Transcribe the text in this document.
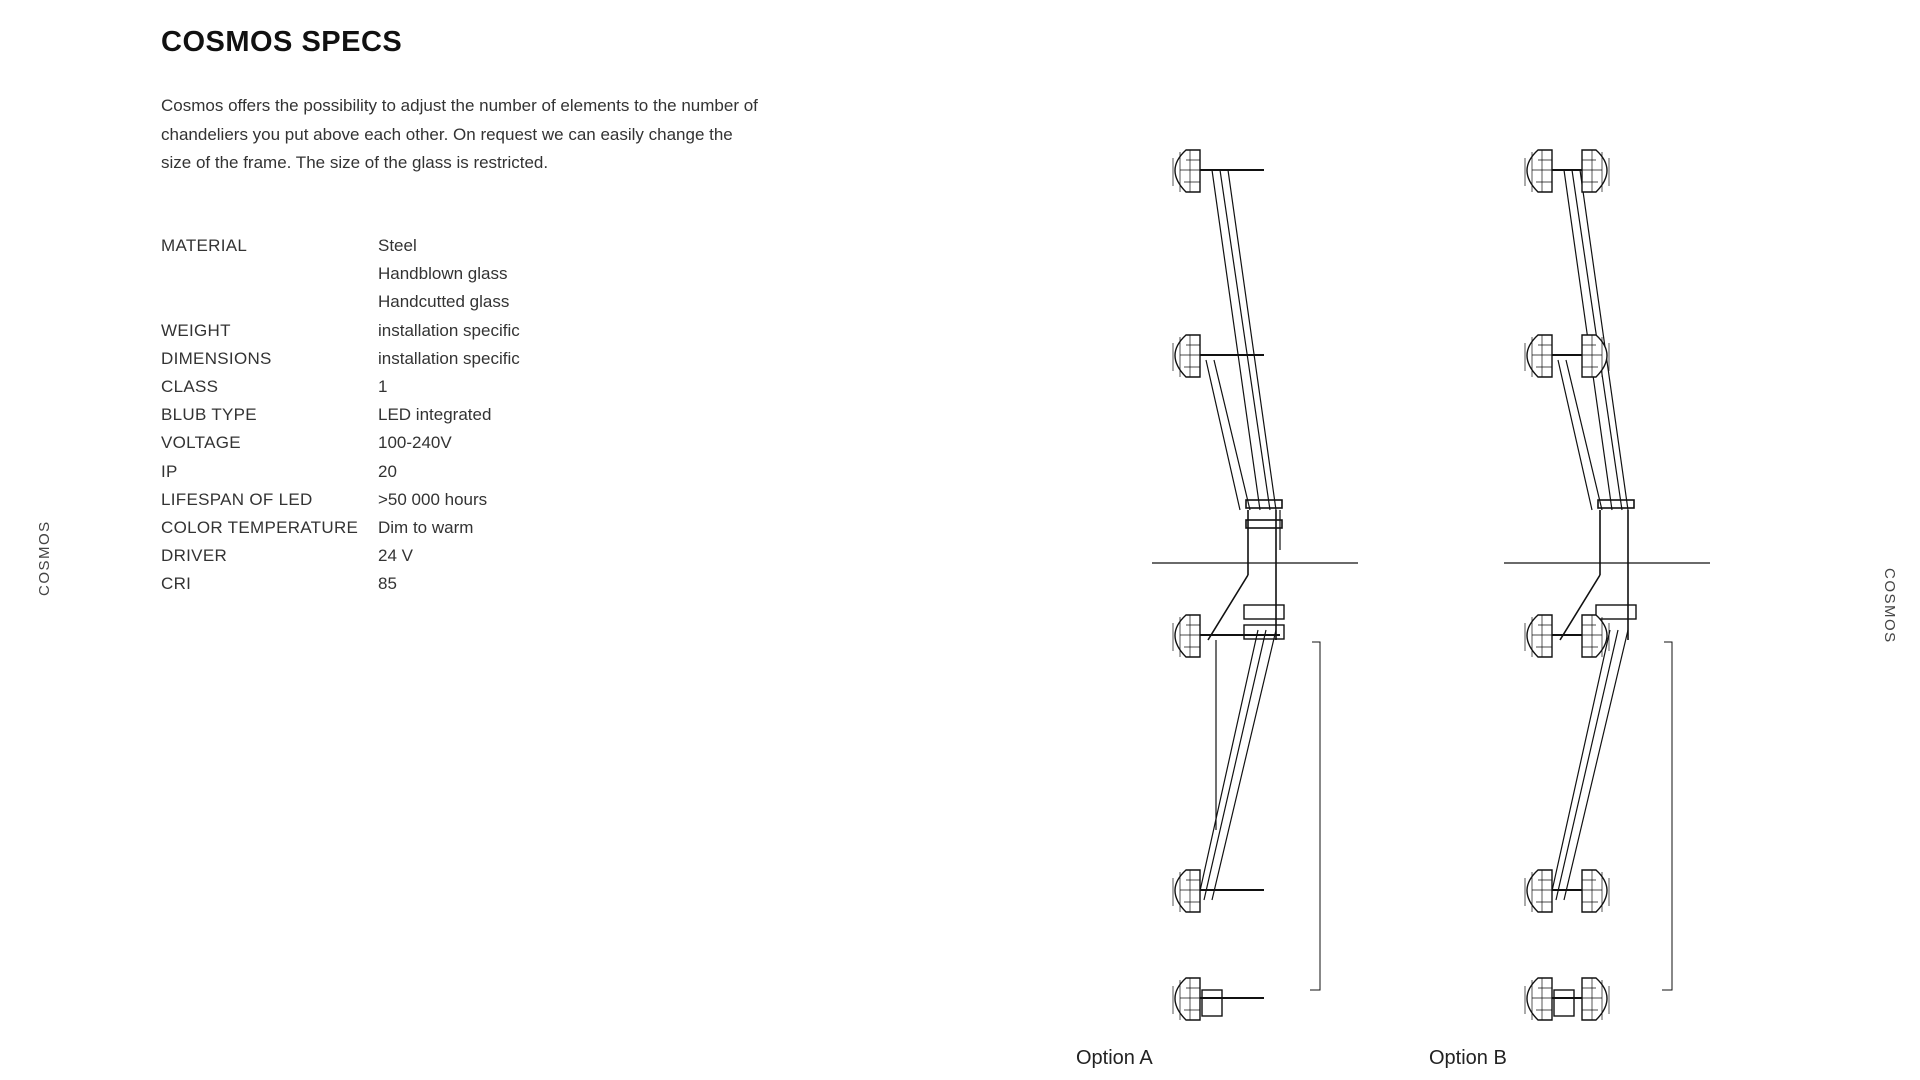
COSMOS SPECS
Cosmos offers the possibility to adjust the number of elements to the number of chandeliers you put above each other. On request we can easily change the size of the frame. The size of the glass is restricted.
MATERIAL	Steel
Handblown glass
Handcutted glass
WEIGHT	installation specific
DIMENSIONS	installation specific
CLASS	1
BLUB TYPE	LED integrated
VOLTAGE	100-240V
IP	20
LIFESPAN OF LED	>50 000 hours
COLOR TEMPERATURE	Dim to warm
DRIVER	24 V
CRI	85
COSMOS
COSMOS
Option A	Option B
